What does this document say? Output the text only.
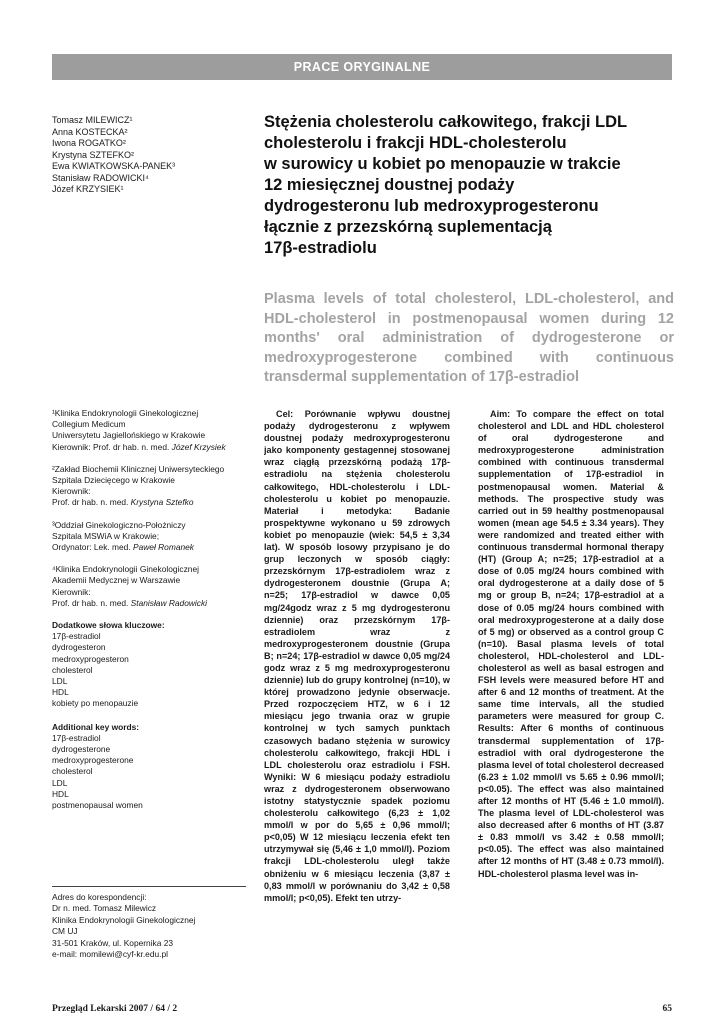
PRACE ORYGINALNE
Tomasz MILEWICZ¹
Anna KOSTECKA²
Iwona ROGATKO²
Krystyna SZTEFKO²
Ewa KWIATKOWSKA-PANEK³
Stanisław RADOWICKI⁴
Józef KRZYSIEK¹
Stężenia cholesterolu całkowitego, frakcji LDL
cholesterolu i frakcji HDL-cholesterolu
w surowicy u kobiet po menopauzie w trakcie
12 miesięcznej doustnej podaży
dydrogesteronu lub medroxyprogesteronu
łącznie z przezskórną suplementacją
17β-estradiolu
Plasma levels of total cholesterol, LDL-cholesterol, and HDL-cholesterol in postmenopausal women during 12 months' oral administration of dydrogesterone or medroxyprogesterone combined with continuous transdermal supplementation of 17β-estradiol
¹Klinika Endokrynologii Ginekologicznej
Collegium Medicum
Uniwersytetu Jagiellońskiego w Krakowie
Kierownik: Prof. dr hab. n. med. Józef Krzysiek
²Zakład Biochemii Klinicznej Uniwersyteckiego
Szpitala Dziecięcego w Krakowie
Kierownik:
Prof. dr hab. n. med. Krystyna Sztefko
³Oddział Ginekologiczno-Położniczy
Szpitala MSWiA w Krakowie;
Ordynator: Lek. med. Paweł Romanek
⁴Klinika Endokrynologii Ginekologicznej
Akademii Medycznej w Warszawie
Kierownik:
Prof. dr hab. n. med. Stanisław Radowicki
Dodatkowe słowa kluczowe:
17β-estradiol
dydrogesteron
medroxyprogesteron
cholesterol
LDL
HDL
kobiety po menopauzie
Additional key words:
17β-estradiol
dydrogesterone
medroxyprogesterone
cholesterol
LDL
HDL
postmenopausal women
Adres do korespondencji:
Dr n. med. Tomasz Milewicz
Klinika Endokrynologii Ginekologicznej
CM UJ
31-501 Kraków, ul. Kopernika 23
e-mail: momilewi@cyf-kr.edu.pl
Cel: Porównanie wpływu doustnej podaży dydrogesteronu z wpływem doustnej podaży medroxyprogesteronu jako komponenty gestagennej stosowanej wraz ciągłą przezskórną podażą 17β-estradiolu na stężenia cholesterolu całkowitego, HDL-cholesterolu i LDL-cholesterolu u kobiet po menopauzie. Materiał i metodyka: Badanie prospektywne wykonano u 59 zdrowych kobiet po menopauzie (wiek: 54,5 ± 3,34 lat). W sposób losowy przypisano je do grup leczonych w sposób ciągły: przezskórnym 17β-estradiolem wraz z dydrogesteronem doustnie (Grupa A; n=25; 17β-estradiol w dawce 0,05 mg/24godz wraz z 5 mg dydrogesteronu dziennie) oraz przezskórnym 17β-estradiolem wraz z medroxyprogesteronem doustnie (Grupa B; n=24; 17β-estradiol w dawce 0,05 mg/24 godz wraz z 5 mg medroxyprogesteronu dziennie) lub do grupy kontrolnej (n=10), w której prowadzono jedynie obserwacje. Przed rozpoczęciem HTZ, w 6 i 12 miesiącu jego trwania oraz w grupie kontrolnej w tych samych punktach czasowych badano stężenia w surowicy cholesterolu całkowitego, frakcji HDL i LDL cholesterolu oraz estradiolu i FSH. Wyniki: W 6 miesiącu podaży estradiolu wraz z dydrogesteronem obserwowano istotny statystycznie spadek poziomu cholesterolu całkowitego (6,23 ± 1,02 mmol/l w por do 5,65 ± 0,96 mmol/l; p<0,05) W 12 miesiącu leczenia efekt ten utrzymywał się (5,46 ± 1,0 mmol/l). Poziom frakcji LDL-cholesterolu uległ także obniżeniu w 6 miesiącu leczenia (3,87 ± 0,83 mmol/l w porównaniu do 3,42 ± 0,58 mmol/l; p<0,05). Efekt ten utrzy-
Aim: To compare the effect on total cholesterol and LDL and HDL cholesterol of oral dydrogesterone and medroxyprogesterone administration combined with continuous transdermal supplementation of 17β-estradiol in postmenopausal women. Material & methods. The prospective study was carried out in 59 healthy postmenopausal women (mean age 54.5 ± 3.34 years). They were randomized and treated either with continuous transdermal hormonal therapy (HT) (Group A; n=25; 17β-estradiol at a dose of 0.05 mg/24 hours combined with oral dydrogesterone at a daily dose of 5 mg or group B, n=24; 17β-estradiol at a dose of 0.05 mg/24 hours combined with oral medroxyprogesterone at a daily dose of 5 mg) or observed as a control group C (n=10). Basal plasma levels of total cholesterol, HDL-cholesterol and LDL-cholesterol as well as basal estrogen and FSH levels were measured before HT and after 6 and 12 months of treatment. At the same time intervals, all the studied parameters were measured for group C. Results: After 6 months of continuous transdermal supplementation of 17β-estradiol with oral dydrogesterone the plasma level of total cholesterol decreased (6.23 ± 1.02 mmol/l vs 5.65 ± 0.96 mmol/l; p<0.05). The effect was also maintained after 12 months of HT (5.46 ± 1.0 mmol/l). The plasma level of LDL-cholesterol was also decreased after 6 months of HT (3.87 ± 0.83 mmol/l vs 3.42 ± 0.58 mmol/l; p<0.05). The effect was also maintained after 12 months of HT (3.48 ± 0.73 mmol/l). HDL-cholesterol plasma level was in-
Przegląd Lekarski 2007 / 64 / 2	65
